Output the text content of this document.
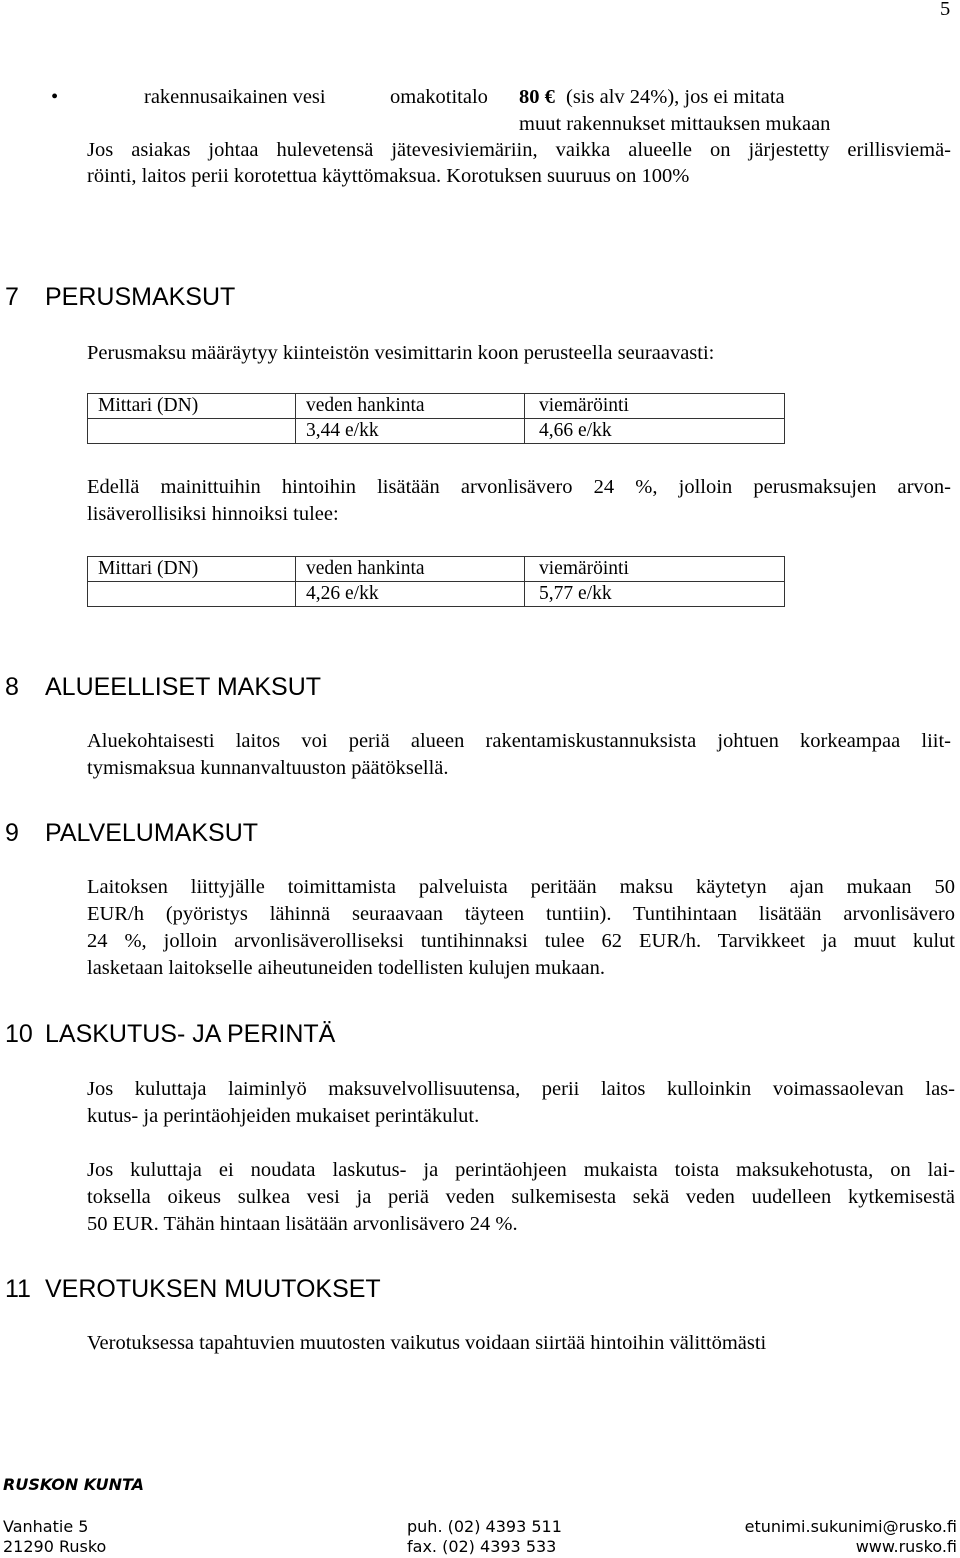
5
•	rakennusaikainen vesi	omakotitalo 80 € (sis alv 24%), jos ei mitata
muut rakennukset mittauksen mukaan
Jos asiakas johtaa hulevetensä jätevesiviemäriin, vaikka alueelle on järjestetty erillisviemä-
röinti, laitos perii korotettua käyttömaksua. Korotuksen suuruus on 100%
7 PERUSMAKSUT
Perusmaksu määräytyy kiinteistön vesimittarin koon perusteella seuraavasti:
Mittari (DN)	veden hankinta	viemäröinti
	3,44 e/kk	4,66 e/kk
Edellä mainittuihin hintoihin lisätään arvonlisävero 24 %, jolloin perusmaksujen arvon-
lisäverollisiksi hinnoiksi tulee:
Mittari (DN)	veden hankinta	viemäröinti
	4,26 e/kk	5,77 e/kk
8 ALUEELLISET MAKSUT
Aluekohtaisesti laitos voi periä alueen rakentamiskustannuksista johtuen korkeampaa liit-
tymismaksua kunnanvaltuuston päätöksellä.
9 PALVELUMAKSUT
Laitoksen liittyjälle toimittamista palveluista peritään maksu käytetyn ajan mukaan 50
EUR/h (pyöristys lähinnä seuraavaan täyteen tuntiin). Tuntihintaan lisätään arvonlisävero
24 %, jolloin arvonlisäverolliseksi tuntihinnaksi tulee 62 EUR/h. Tarvikkeet ja muut kulut
lasketaan laitokselle aiheutuneiden todellisten kulujen mukaan.
10 LASKUTUS- JA PERINTÄ
Jos kuluttaja laiminlyö maksuvelvollisuutensa, perii laitos kulloinkin voimassaolevan las-
kutus- ja perintäohjeiden mukaiset perintäkulut.
Jos kuluttaja ei noudata laskutus- ja perintäohjeen mukaista toista maksukehotusta, on lai-
toksella oikeus sulkea vesi ja periä veden sulkemisesta sekä veden uudelleen kytkemisestä
50 EUR. Tähän hintaan lisätään arvonlisävero 24 %.
11 VEROTUKSEN MUUTOKSET
Verotuksessa tapahtuvien muutosten vaikutus voidaan siirtää hintoihin välittömästi
RUSKON KUNTA
Vanhatie 5
21290 Rusko
puh. (02) 4393 511
fax. (02) 4393 533
etunimi.sukunimi@rusko.fi
www.rusko.fi
